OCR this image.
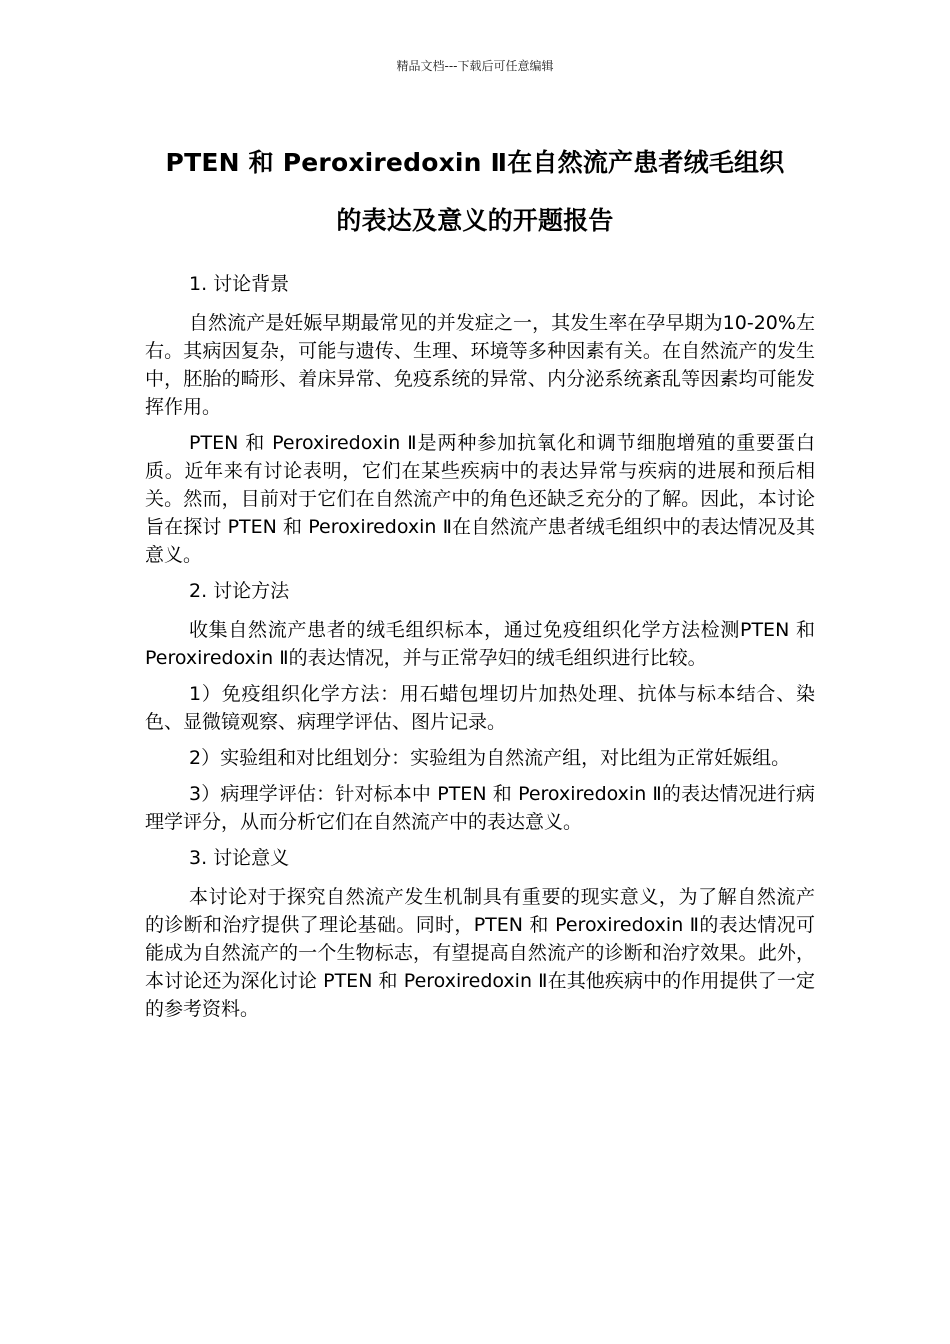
精品文档---下载后可任意编辑
PTEN 和 Peroxiredoxin Ⅱ在自然流产患者绒毛组织
的表达及意义的开题报告
1. 讨论背景

自然流产是妊娠早期最常见的并发症之一，其发生率在孕早期为10-20%左右。其病因复杂，可能与遗传、生理、环境等多种因素有关。在自然流产的发生中，胚胎的畸形、着床异常、免疫系统的异常、内分泌系统紊乱等因素均可能发挥作用。

PTEN 和 Peroxiredoxin Ⅱ是两种参加抗氧化和调节细胞增殖的重要蛋白质。近年来有讨论表明，它们在某些疾病中的表达异常与疾病的进展和预后相关。然而，目前对于它们在自然流产中的角色还缺乏充分的了解。因此，本讨论旨在探讨 PTEN 和 Peroxiredoxin Ⅱ在自然流产患者绒毛组织中的表达情况及其意义。

2. 讨论方法

收集自然流产患者的绒毛组织标本，通过免疫组织化学方法检测PTEN 和 Peroxiredoxin Ⅱ的表达情况，并与正常孕妇的绒毛组织进行比较。

1）免疫组织化学方法：用石蜡包埋切片加热处理、抗体与标本结合、染色、显微镜观察、病理学评估、图片记录。

2）实验组和对比组划分：实验组为自然流产组，对比组为正常妊娠组。

3）病理学评估：针对标本中 PTEN 和 Peroxiredoxin Ⅱ的表达情况进行病理学评分，从而分析它们在自然流产中的表达意义。

3. 讨论意义

本讨论对于探究自然流产发生机制具有重要的现实意义，为了解自然流产的诊断和治疗提供了理论基础。同时，PTEN 和 Peroxiredoxin Ⅱ的表达情况可能成为自然流产的一个生物标志，有望提高自然流产的诊断和治疗效果。此外，本讨论还为深化讨论 PTEN 和 Peroxiredoxin Ⅱ在其他疾病中的作用提供了一定的参考资料。
